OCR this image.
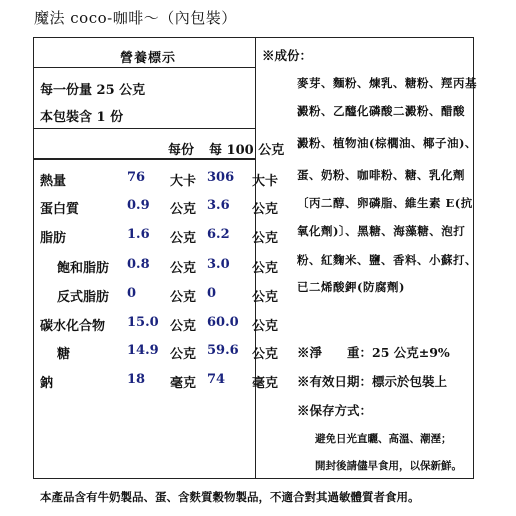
魔法 coco-咖啡～（內包裝）
營養標示
每一份量 25 公克
本包裝含 1 份
每份 每 100 公克
熱量	76 大卡 306 大卡
蛋白質	0.9 公克 3.6 公克
脂肪	1.6 公克 6.2 公克
飽和脂肪 0.8 公克 3.0 公克
反式脂肪 0	公克 0	公克
碳水化合物 15.0 公克 60.0 公克
糖	14.9 公克 59.6 公克
鈉	18 毫克 74 毫克
※成份：
麥芽、麵粉、煉乳、糖粉、羥丙基
澱粉、乙醯化磷酸二澱粉、醋酸
澱粉、植物油(棕櫚油、椰子油)、
蛋、奶粉、咖啡粉、糖、乳化劑
〔丙二醇、卵磷脂、維生素 E(抗
氧化劑)〕、黑糖、海藻糖、泡打
粉、紅麴米、鹽、香料、小蘇打、
已二烯酸鉀(防腐劑)
※淨　　重：25 公克±9%
※有效日期：標示於包裝上
※保存方式：
避免日光直曬、高溫、潮溼；
開封後請儘早食用，以保新鮮。
本產品含有牛奶製品、蛋、含麩質穀物製品，不適合對其過敏體質者食用。
